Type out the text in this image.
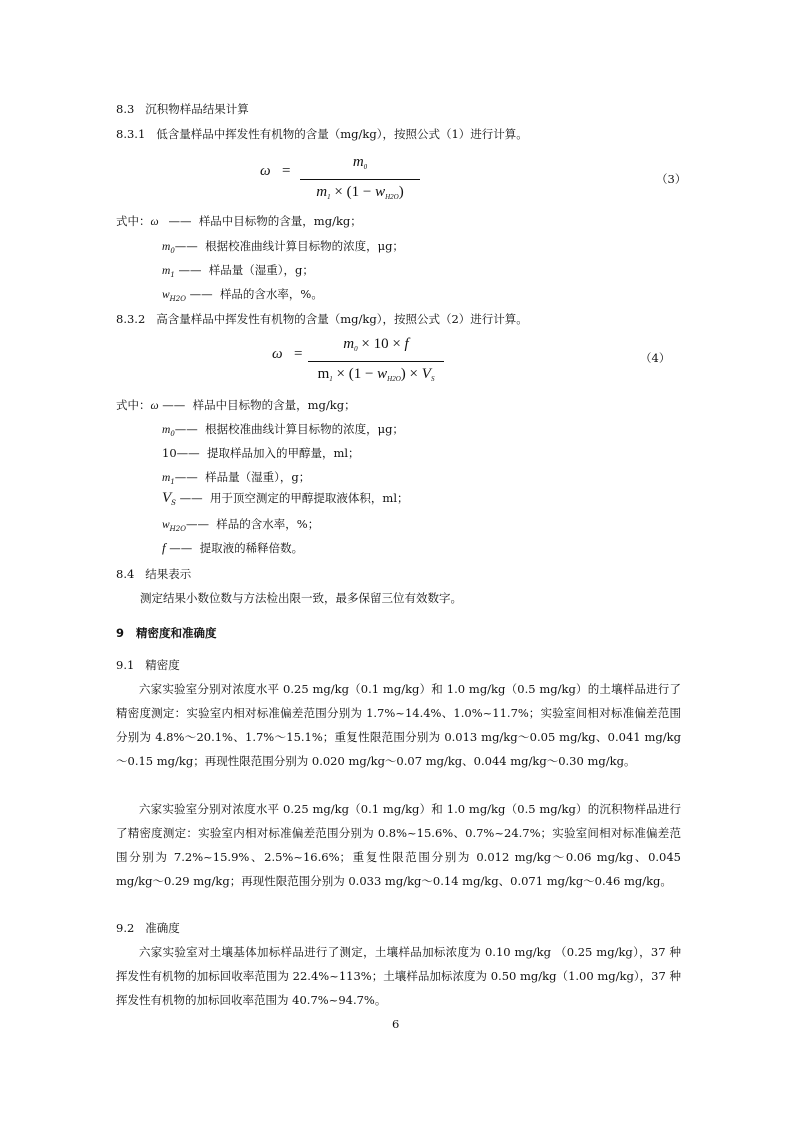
8.3 沉积物样品结果计算
8.3.1 低含量样品中挥发性有机物的含量（mg/kg），按照公式（1）进行计算。
ω =
$m_0$
$m_1 \times (1 - w_{H2O})$
（3）
式中：ω —— 样品中目标物的含量，mg/kg；
$m_0——$ 根据校准曲线计算目标物的浓度，μg；
$m_1$ —— 样品量（湿重），g；
$w_{H2O}$ —— 样品的含水率，%。
8.3.2 高含量样品中挥发性有机物的含量（mg/kg），按照公式（2）进行计算。
ω =
$m_0 \times 10 \times f$
$m_1 \times (1 - w_{H2O}) \times V_S$
（4）
式中：ω —— 样品中目标物的含量，mg/kg；
$m_0——$ 根据校准曲线计算目标物的浓度，μg；
10—— 提取样品加入的甲醇量，ml；
$m_1——$ 样品量（湿重），g；
$V_S$ —— 用于顶空测定的甲醇提取液体积，ml；
$w_{H2O}——$ 样品的含水率，%；
f —— 提取液的稀释倍数。
8.4 结果表示
测定结果小数位数与方法检出限一致，最多保留三位有效数字。
9 精密度和准确度
9.1 精密度

六家实验室分别对浓度水平 0.25 mg/kg（0.1 mg/kg）和 1.0 mg/kg（0.5 mg/kg）的土壤样品进行了精密度测定：实验室内相对标准偏差范围分别为 1.7%~14.4%、1.0%~11.7%；实验室间相对标准偏差范围分别为 4.8%～20.1%、1.7%～15.1%；重复性限范围分别为 0.013 mg/kg～0.05 mg/kg、0.041 mg/kg～0.15 mg/kg；再现性限范围分别为 0.020 mg/kg～0.07 mg/kg、0.044 mg/kg～0.30 mg/kg。

六家实验室分别对浓度水平 0.25 mg/kg（0.1 mg/kg）和 1.0 mg/kg（0.5 mg/kg）的沉积物样品进行了精密度测定：实验室内相对标准偏差范围分别为 0.8%~15.6%、0.7%~24.7%；实验室间相对标准偏差范围分别为 7.2%~15.9%、2.5%~16.6%；重复性限范围分别为 0.012 mg/kg～0.06 mg/kg、0.045 mg/kg～0.29 mg/kg；再现性限范围分别为 0.033 mg/kg～0.14 mg/kg、0.071 mg/kg～0.46 mg/kg。

9.2 准确度

六家实验室对土壤基体加标样品进行了测定，土壤样品加标浓度为 0.10 mg/kg （0.25 mg/kg），37 种挥发性有机物的加标回收率范围为 22.4%~113%；土壤样品加标浓度为 0.50 mg/kg（1.00 mg/kg），37 种挥发性有机物的加标回收率范围为 40.7%~94.7%。

6
